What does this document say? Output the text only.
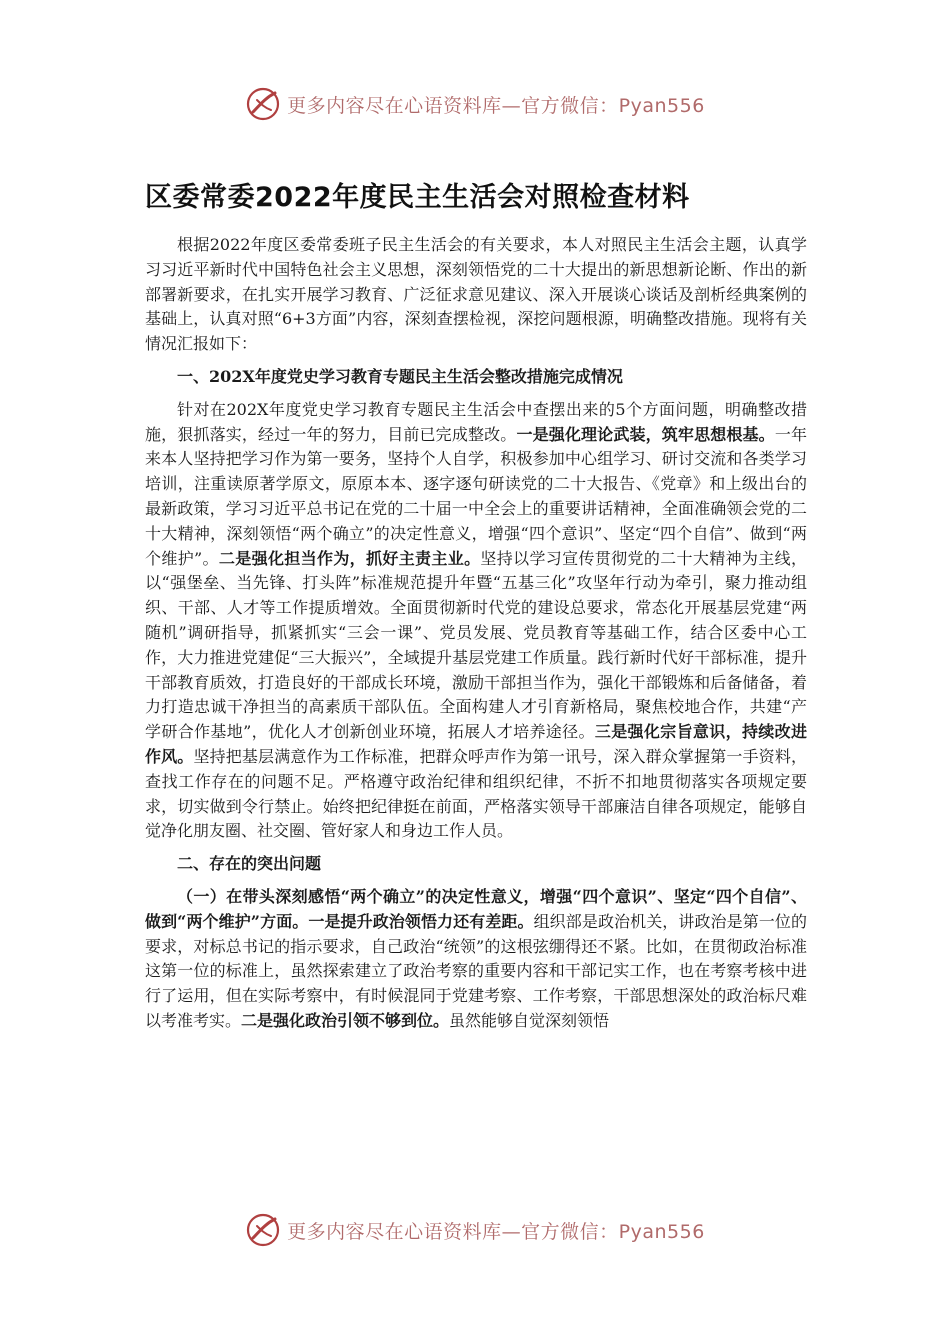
更多内容尽在心语资料库—官方微信：Pyan556
区委常委2022年度民主生活会对照检查材料

根据2022年度区委常委班子民主生活会的有关要求，本人对照民主生活会主题，认真学习习近平新时代中国特色社会主义思想，深刻领悟党的二十大提出的新思想新论断、作出的新部署新要求，在扎实开展学习教育、广泛征求意见建议、深入开展谈心谈话及剖析经典案例的基础上，认真对照“6+3方面”内容，深刻查摆检视，深挖问题根源，明确整改措施。现将有关情况汇报如下：

一、202X年度党史学习教育专题民主生活会整改措施完成情况

针对在202X年度党史学习教育专题民主生活会中查摆出来的5个方面问题，明确整改措施，狠抓落实，经过一年的努力，目前已完成整改。一是强化理论武装，筑牢思想根基。一年来本人坚持把学习作为第一要务，坚持个人自学，积极参加中心组学习、研讨交流和各类学习培训，注重读原著学原文，原原本本、逐字逐句研读党的二十大报告、《党章》和上级出台的最新政策，学习习近平总书记在党的二十届一中全会上的重要讲话精神，全面准确领会党的二十大精神，深刻领悟“两个确立”的决定性意义，增强“四个意识”、坚定“四个自信”、做到“两个维护”。二是强化担当作为，抓好主责主业。坚持以学习宣传贯彻党的二十大精神为主线，以“强堡垒、当先锋、打头阵”标准规范提升年暨“五基三化”攻坚年行动为牵引，聚力推动组织、干部、人才等工作提质增效。全面贯彻新时代党的建设总要求，常态化开展基层党建“两随机”调研指导，抓紧抓实“三会一课”、党员发展、党员教育等基础工作，结合区委中心工作，大力推进党建促“三大振兴”，全域提升基层党建工作质量。践行新时代好干部标准，提升干部教育质效，打造良好的干部成长环境，激励干部担当作为，强化干部锻炼和后备储备，着力打造忠诚干净担当的高素质干部队伍。全面构建人才引育新格局，聚焦校地合作，共建“产学研合作基地”，优化人才创新创业环境，拓展人才培养途径。三是强化宗旨意识，持续改进作风。坚持把基层满意作为工作标准，把群众呼声作为第一讯号，深入群众掌握第一手资料，查找工作存在的问题不足。严格遵守政治纪律和组织纪律，不折不扣地贯彻落实各项规定要求，切实做到令行禁止。始终把纪律挺在前面，严格落实领导干部廉洁自律各项规定，能够自觉净化朋友圈、社交圈、管好家人和身边工作人员。

二、存在的突出问题

（一）在带头深刻感悟“两个确立”的决定性意义，增强“四个意识”、坚定“四个自信”、做到“两个维护”方面。一是提升政治领悟力还有差距。组织部是政治机关，讲政治是第一位的要求，对标总书记的指示要求，自己政治“统领”的这根弦绷得还不紧。比如，在贯彻政治标准这第一位的标准上，虽然探索建立了政治考察的重要内容和干部记实工作，也在考察考核中进行了运用，但在实际考察中，有时候混同于党建考察、工作考察，干部思想深处的政治标尺难以考准考实。二是强化政治引领不够到位。虽然能够自觉深刻领悟

更多内容尽在心语资料库—官方微信：Pyan556
